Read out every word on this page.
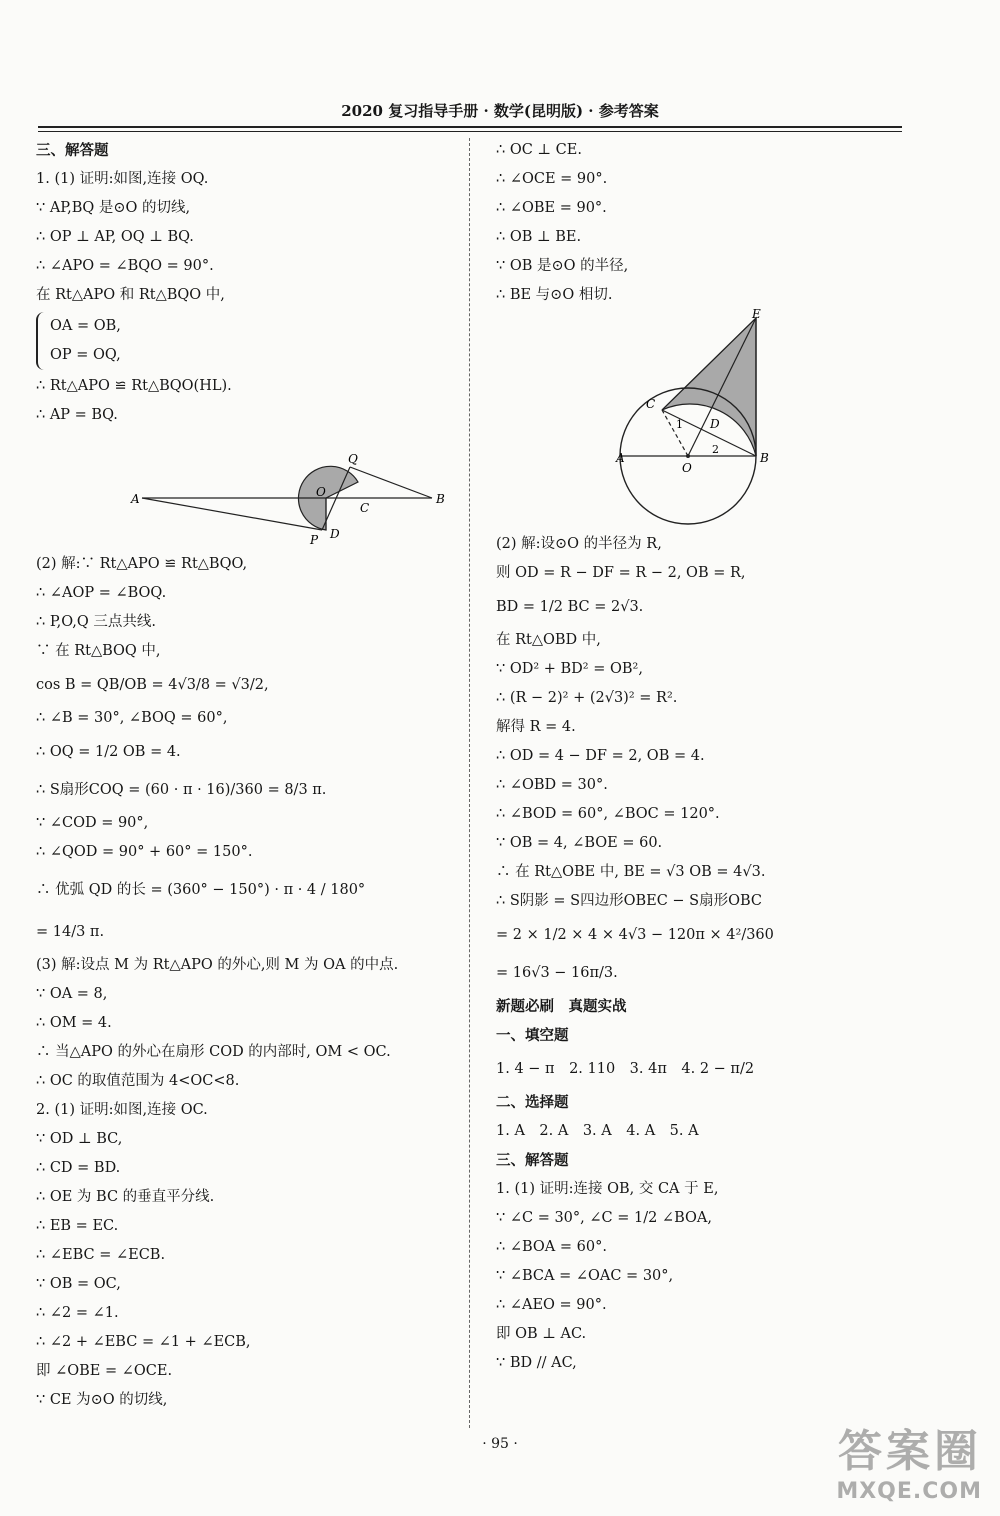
2020 复习指导手册 · 数学(昆明版) · 参考答案
三、解答题
1. (1) 证明:如图,连接 OQ.
∵ AP,BQ 是⊙O 的切线,
∴ OP ⊥ AP, OQ ⊥ BQ.
∴ ∠APO = ∠BQO = 90°.
在 Rt△APO 和 Rt△BQO 中,
OA = OB,
OP = OQ,
∴ Rt△APO ≌ Rt△BQO(HL).
∴ AP = BQ.
Q
O
A
C
B
P D
(2) 解:∵ Rt△APO ≌ Rt△BQO,
∴ ∠AOP = ∠BOQ.
∴ P,O,Q 三点共线.
∵ 在 Rt△BOQ 中,
cos B = QB/OB = 4√3/8 = √3/2,
∴ ∠B = 30°, ∠BOQ = 60°,
∴ OQ = 1/2 OB = 4.
∴ S扇形COQ = (60 · π · 16)/360 = 8/3 π.
∵ ∠COD = 90°,
∴ ∠QOD = 90° + 60° = 150°.
∴ 优弧 QD 的长 = (360° − 150°) · π · 4 / 180°
= 14/3 π.
(3) 解:设点 M 为 Rt△APO 的外心,则 M 为 OA 的中点.
∵ OA = 8,
∴ OM = 4.
∴ 当△APO 的外心在扇形 COD 的内部时, OM < OC.
∴ OC 的取值范围为 4<OC<8.
2. (1) 证明:如图,连接 OC.
∵ OD ⊥ BC,
∴ CD = BD.
∴ OE 为 BC 的垂直平分线.
∴ EB = EC.
∴ ∠EBC = ∠ECB.
∵ OB = OC,
∴ ∠2 = ∠1.
∴ ∠2 + ∠EBC = ∠1 + ∠ECB,
即 ∠OBE = ∠OCE.
∵ CE 为⊙O 的切线,
∴ OC ⊥ CE.
∴ ∠OCE = 90°.
∴ ∠OBE = 90°.
∴ OB ⊥ BE.
∵ OB 是⊙O 的半径,
∴ BE 与⊙O 相切.
E
C
D
1
2
A
O
B
(2) 解:设⊙O 的半径为 R,
则 OD = R − DF = R − 2, OB = R,
BD = 1/2 BC = 2√3.
在 Rt△OBD 中,
∵ OD² + BD² = OB²,
∴ (R − 2)² + (2√3)² = R².
解得 R = 4.
∴ OD = 4 − DF = 2, OB = 4.
∴ ∠OBD = 30°.
∴ ∠BOD = 60°, ∠BOC = 120°.
∵ OB = 4, ∠BOE = 60.
∴ 在 Rt△OBE 中, BE = √3 OB = 4√3.
∴ S阴影 = S四边形OBEC − S扇形OBC
= 2 × 1/2 × 4 × 4√3 − 120π × 4²/360
= 16√3 − 16π/3.
新题必刷　真题实战
一、填空题
1. 4 − π　2. 110　3. 4π　4. 2 − π/2
二、选择题
1. A　2. A　3. A　4. A　5. A
三、解答题
1. (1) 证明:连接 OB, 交 CA 于 E,
∵ ∠C = 30°, ∠C = 1/2 ∠BOA,
∴ ∠BOA = 60°.
∵ ∠BCA = ∠OAC = 30°,
∴ ∠AEO = 90°.
即 OB ⊥ AC.
∵ BD // AC,
· 95 ·	答案圈
MXQE.COM
